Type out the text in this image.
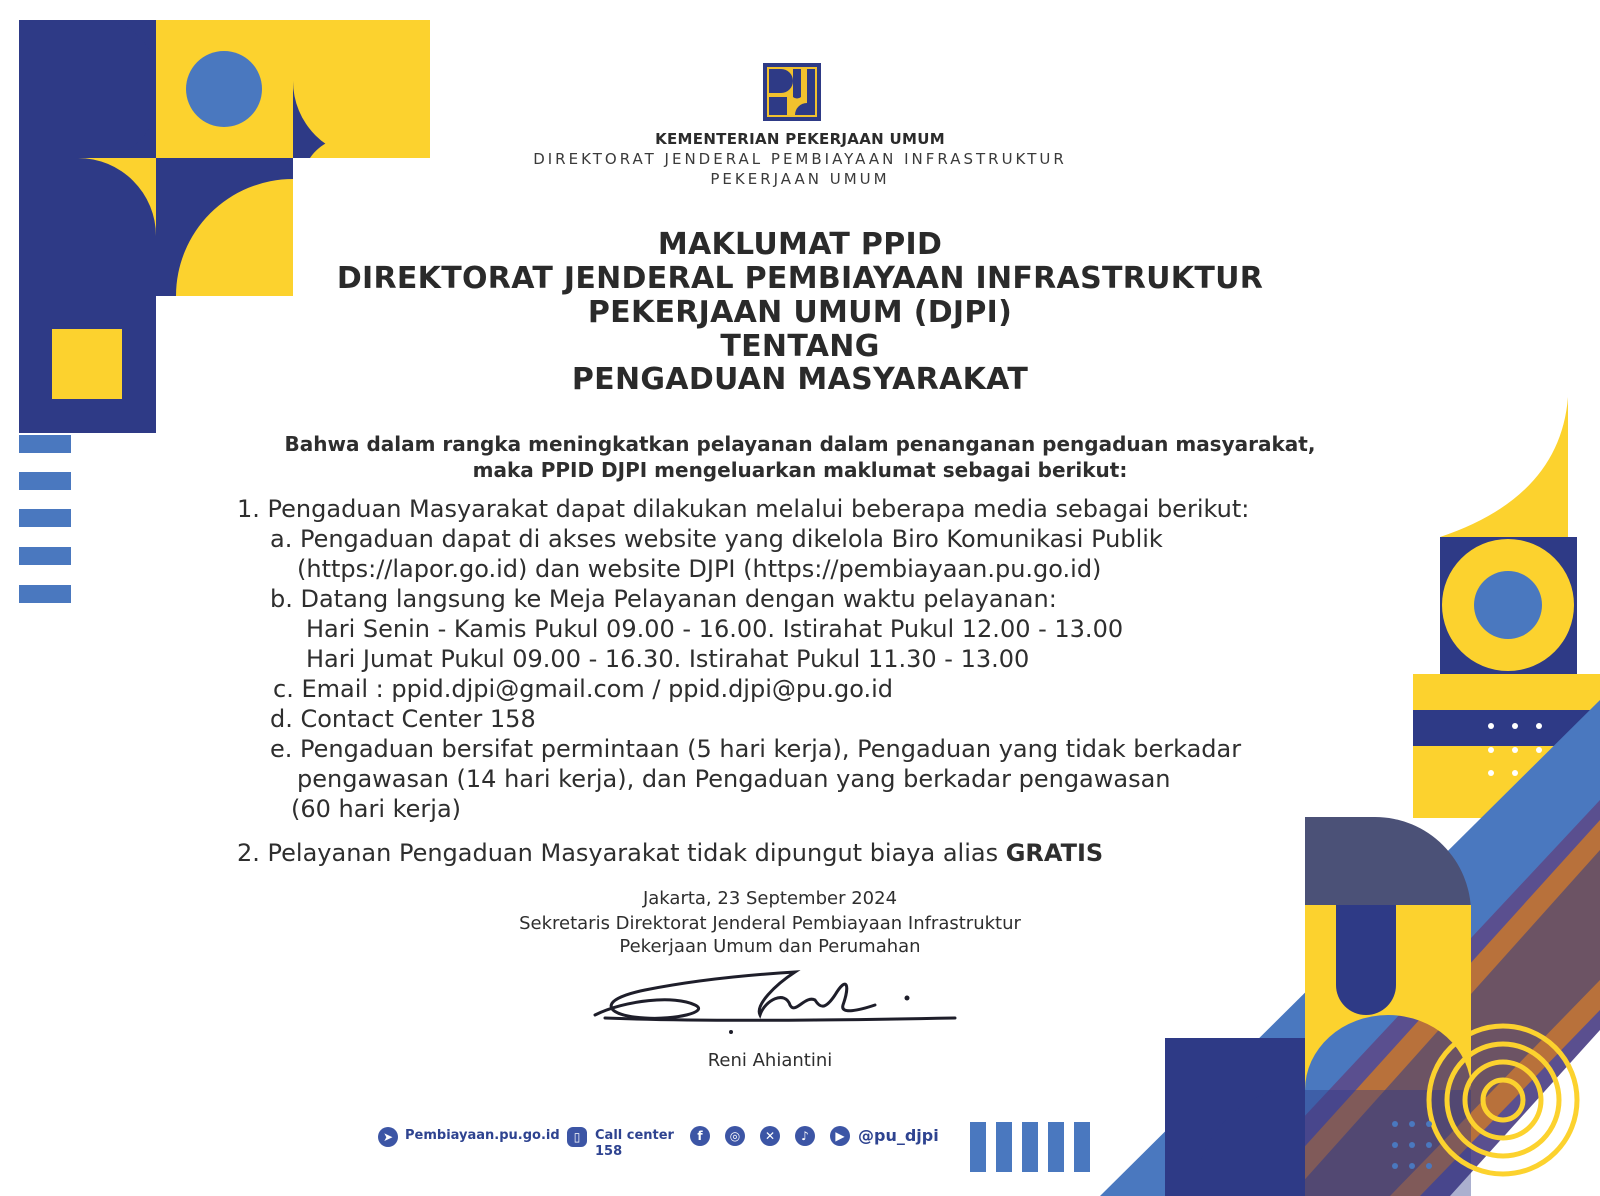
KEMENTERIAN PEKERJAAN UMUM
DIREKTORAT JENDERAL PEMBIAYAAN INFRASTRUKTUR
PEKERJAAN UMUM
MAKLUMAT PPID
DIREKTORAT JENDERAL PEMBIAYAAN INFRASTRUKTUR
PEKERJAAN UMUM (DJPI)
TENTANG
PENGADUAN MASYARAKAT
Bahwa dalam rangka meningkatkan pelayanan dalam penanganan pengaduan masyarakat,
maka PPID DJPI mengeluarkan maklumat sebagai berikut:
1. Pengaduan Masyarakat dapat dilakukan melalui beberapa media sebagai berikut:
a. Pengaduan dapat di akses website yang dikelola Biro Komunikasi Publik
(https://lapor.go.id) dan website DJPI (https://pembiayaan.pu.go.id)
b. Datang langsung ke Meja Pelayanan dengan waktu pelayanan:
Hari Senin - Kamis Pukul 09.00 - 16.00. Istirahat Pukul 12.00 - 13.00
Hari Jumat Pukul 09.00 - 16.30. Istirahat Pukul 11.30 - 13.00
c. Email : ppid.djpi@gmail.com / ppid.djpi@pu.go.id
d. Contact Center 158
e. Pengaduan bersifat permintaan (5 hari kerja), Pengaduan yang tidak berkadar
pengawasan (14 hari kerja), dan Pengaduan yang berkadar pengawasan
(60 hari kerja)
2. Pelayanan Pengaduan Masyarakat tidak dipungut biaya alias GRATIS
Jakarta, 23 September 2024
Sekretaris Direktorat Jenderal Pembiayaan Infrastruktur
Pekerjaan Umum dan Perumahan
Reni Ahiantini
➤ Pembiayaan.pu.go.id	▯	Call center
158
f	◎	✕	♪	▶ @pu_djpi
